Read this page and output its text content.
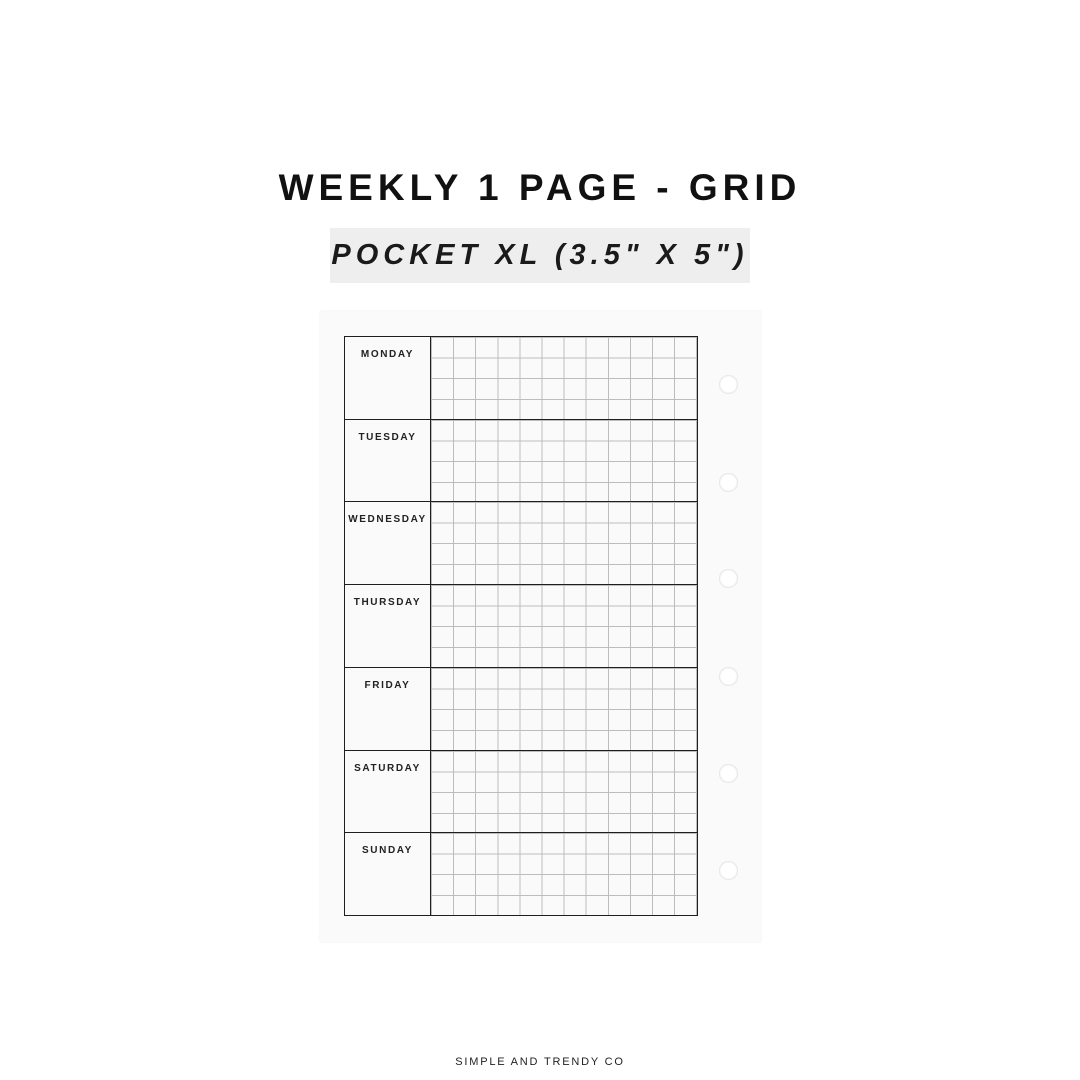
WEEKLY 1 PAGE - GRID
POCKET XL (3.5" X 5")
MONDAY
TUESDAY
WEDNESDAY
THURSDAY
FRIDAY
SATURDAY
SUNDAY
SIMPLE AND TRENDY CO
